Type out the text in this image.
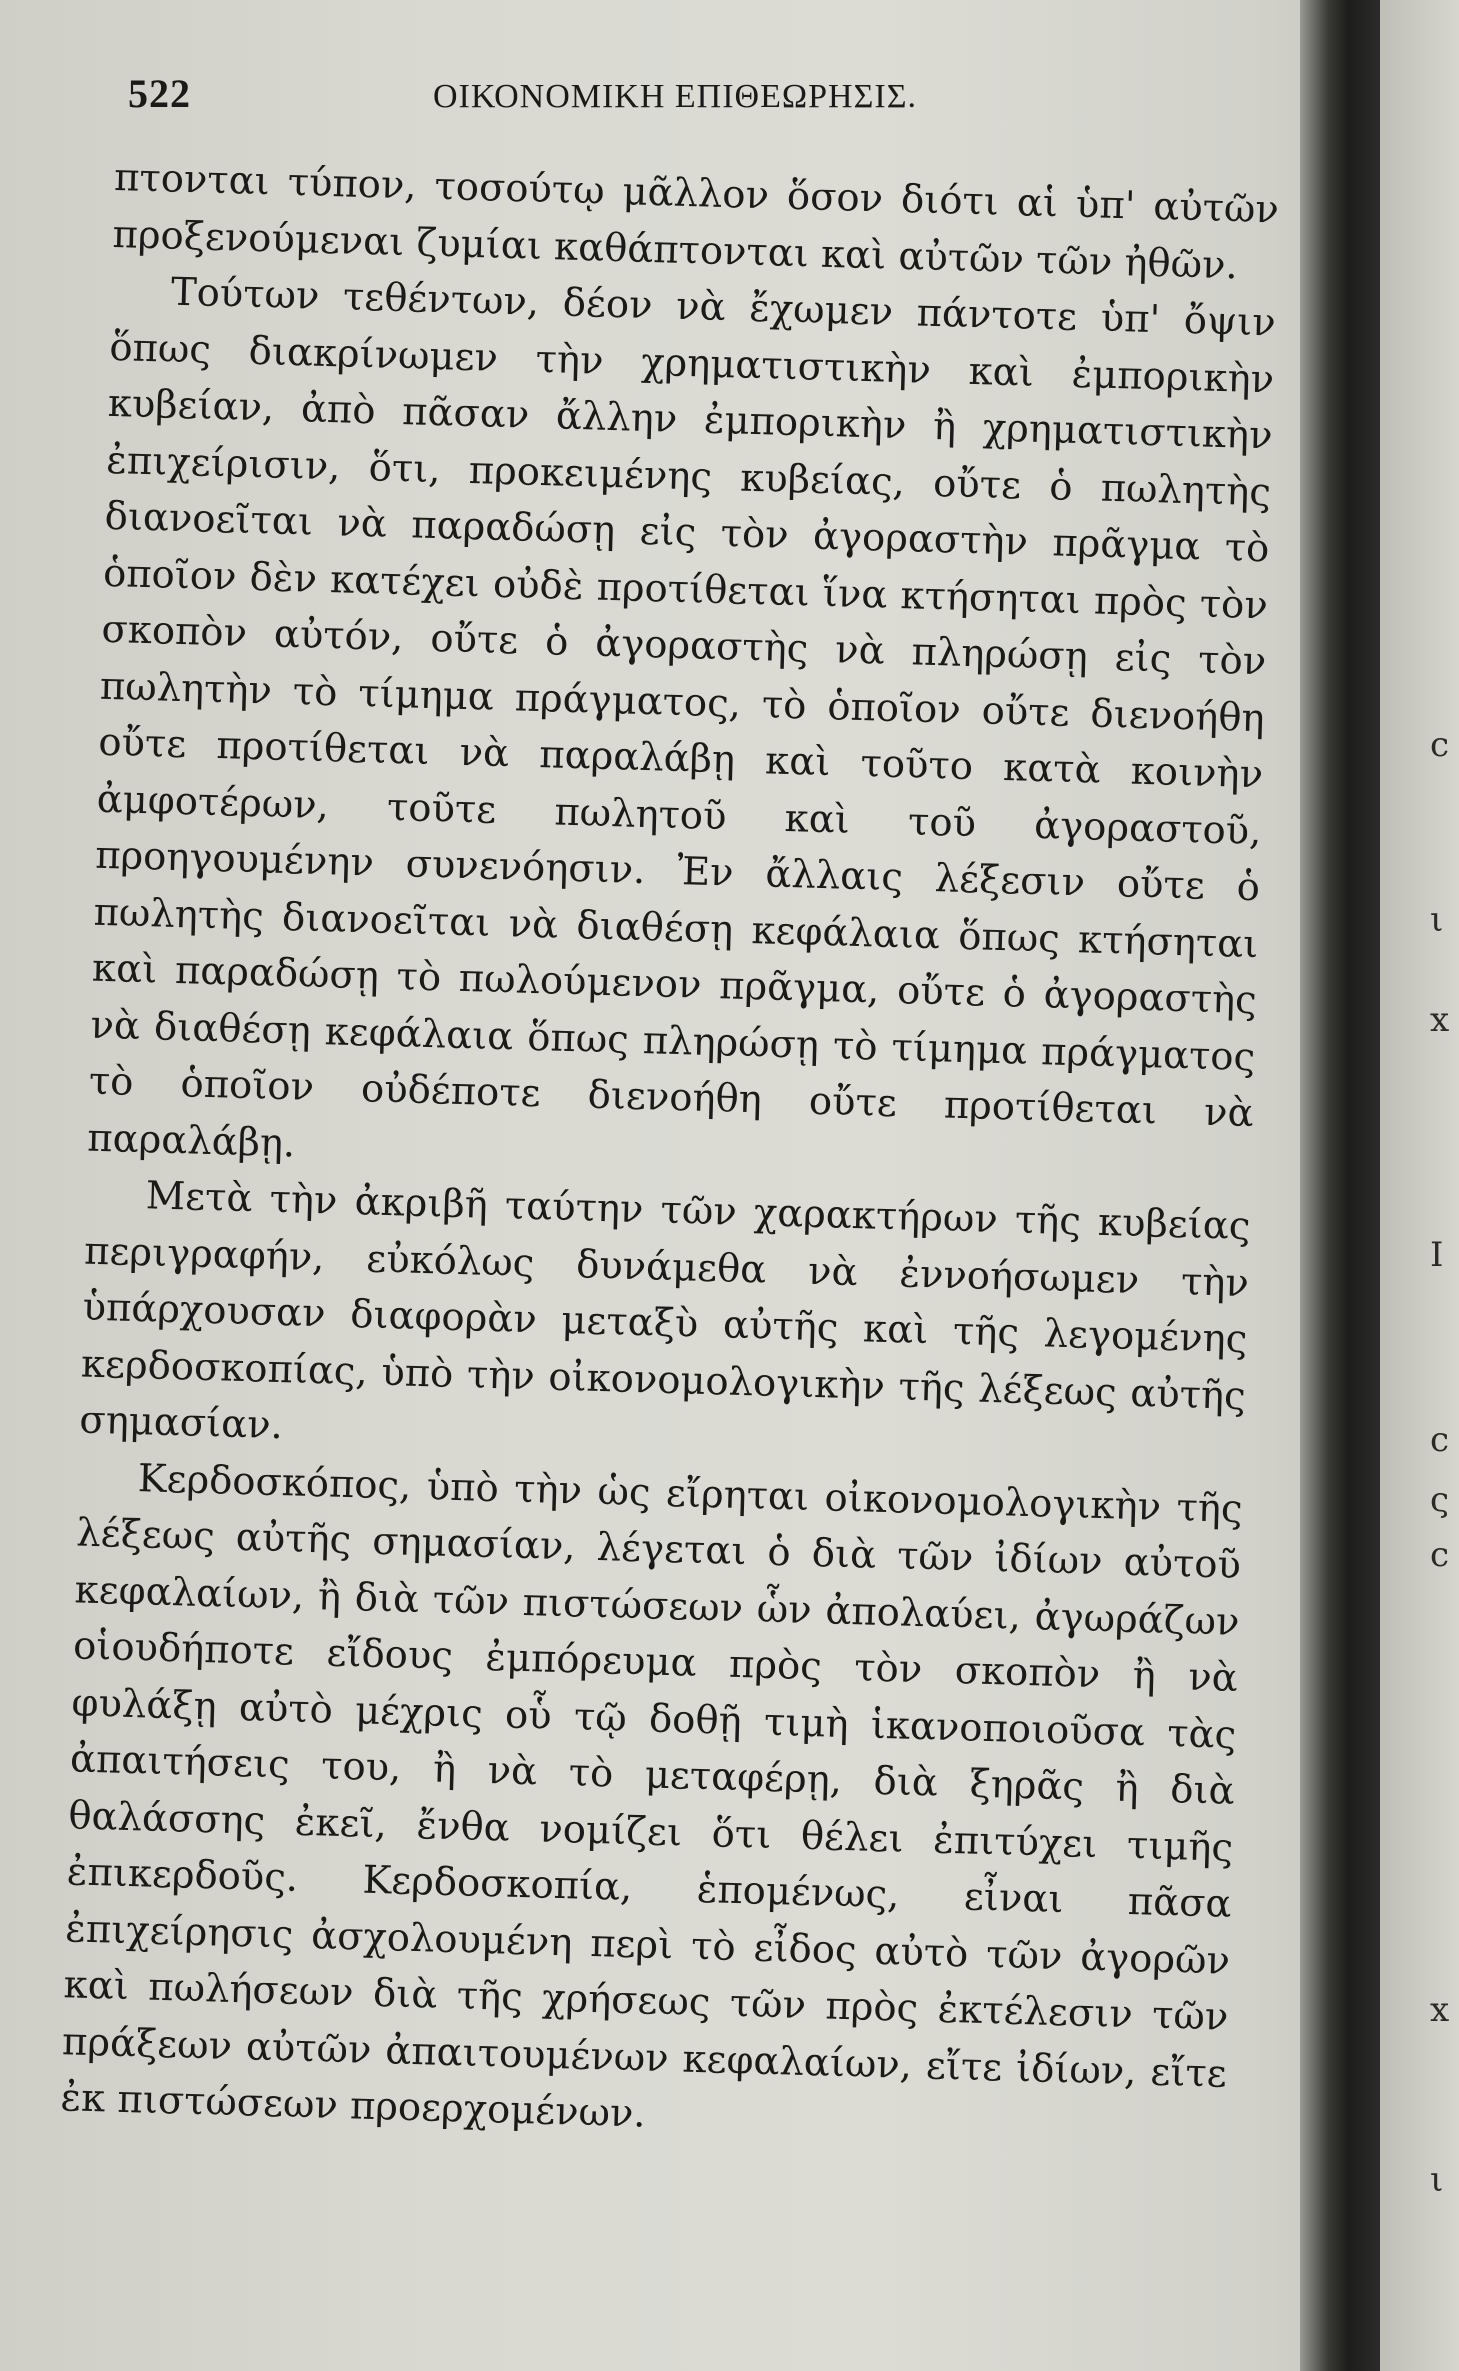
522	ΟΙΚΟΝΟΜΙΚΗ ΕΠΙΘΕΩΡΗΣΙΣ.

πτονται τύπον, τοσούτῳ μᾶλλον ὅσον διότι αἱ ὑπ' αὐτῶν προξενούμεναι ζυμίαι καθάπτονται καὶ αὐτῶν τῶν ἠθῶν.

Τούτων τεθέντων, δέον νὰ ἔχωμεν πάντοτε ὑπ' ὄψιν ὅπως διακρίνωμεν τὴν χρηματιστικὴν καὶ ἐμπορικὴν κυβείαν, ἀπὸ πᾶσαν ἄλλην ἐμπορικὴν ἢ χρηματιστικὴν ἐπιχείρισιν, ὅτι, προκειμένης κυβείας, οὔτε ὁ πωλητὴς διανοεῖται νὰ παραδώσῃ εἰς τὸν ἀγοραστὴν πρᾶγμα τὸ ὁποῖον δὲν κατέχει οὐδὲ προτίθεται ἵνα κτήσηται πρὸς τὸν σκοπὸν αὐτόν, οὔτε ὁ ἀγοραστὴς νὰ πληρώσῃ εἰς τὸν πωλητὴν τὸ τίμημα πράγματος, τὸ ὁποῖον οὔτε διενοήθη οὔτε προτίθεται νὰ παραλάβῃ καὶ τοῦτο κατὰ κοινὴν ἀμφοτέρων, τοῦτε πωλητοῦ καὶ τοῦ ἀγοραστοῦ, προηγουμένην συνενόησιν. Ἐν ἄλλαις λέξεσιν οὔτε ὁ πωλητὴς διανοεῖται νὰ διαθέσῃ κεφάλαια ὅπως κτήσηται καὶ παραδώσῃ τὸ πωλούμενον πρᾶγμα, οὔτε ὁ ἀγοραστὴς νὰ διαθέσῃ κεφάλαια ὅπως πληρώσῃ τὸ τίμημα πράγματος τὸ ὁποῖον οὐδέποτε διενοήθη οὔτε προτίθεται νὰ παραλάβῃ.

Μετὰ τὴν ἀκριβῆ ταύτην τῶν χαρακτήρων τῆς κυβείας περιγραφήν, εὐκόλως δυνάμεθα νὰ ἐννοήσωμεν τὴν ὑπάρχουσαν διαφορὰν μεταξὺ αὐτῆς καὶ τῆς λεγομένης κερδοσκοπίας, ὑπὸ τὴν οἰκονομολογικὴν τῆς λέξεως αὐτῆς σημασίαν.

Κερδοσκόπος, ὑπὸ τὴν ὡς εἴρηται οἰκονομολογικὴν τῆς λέξεως αὐτῆς σημασίαν, λέγεται ὁ διὰ τῶν ἰδίων αὐτοῦ κεφαλαίων, ἢ διὰ τῶν πιστώσεων ὧν ἀπολαύει, ἀγωράζων οἱουδήποτε εἴδους ἐμπόρευμα πρὸς τὸν σκοπὸν ἢ νὰ φυλάξῃ αὐτὸ μέχρις οὗ τῷ δοθῇ τιμὴ ἱκανοποιοῦσα τὰς ἀπαιτήσεις του, ἢ νὰ τὸ μεταφέρῃ, διὰ ξηρᾶς ἢ διὰ θαλάσσης ἐκεῖ, ἔνθα νομίζει ὅτι θέλει ἐπιτύχει τιμῆς ἐπικερδοῦς. Κερδοσκοπία, ἑπομένως, εἶναι πᾶσα ἐπιχείρησις ἀσχολουμένη περὶ τὸ εἶδος αὐτὸ τῶν ἀγορῶν καὶ πωλήσεων διὰ τῆς χρήσεως τῶν πρὸς ἐκτέλεσιν τῶν πράξεων αὐτῶν ἀπαιτουμένων κεφαλαίων, εἴτε ἰδίων, εἴτε ἐκ πιστώσεων προερχομένων.

c
ι
x
Ι
c
ς
c
x
ι
